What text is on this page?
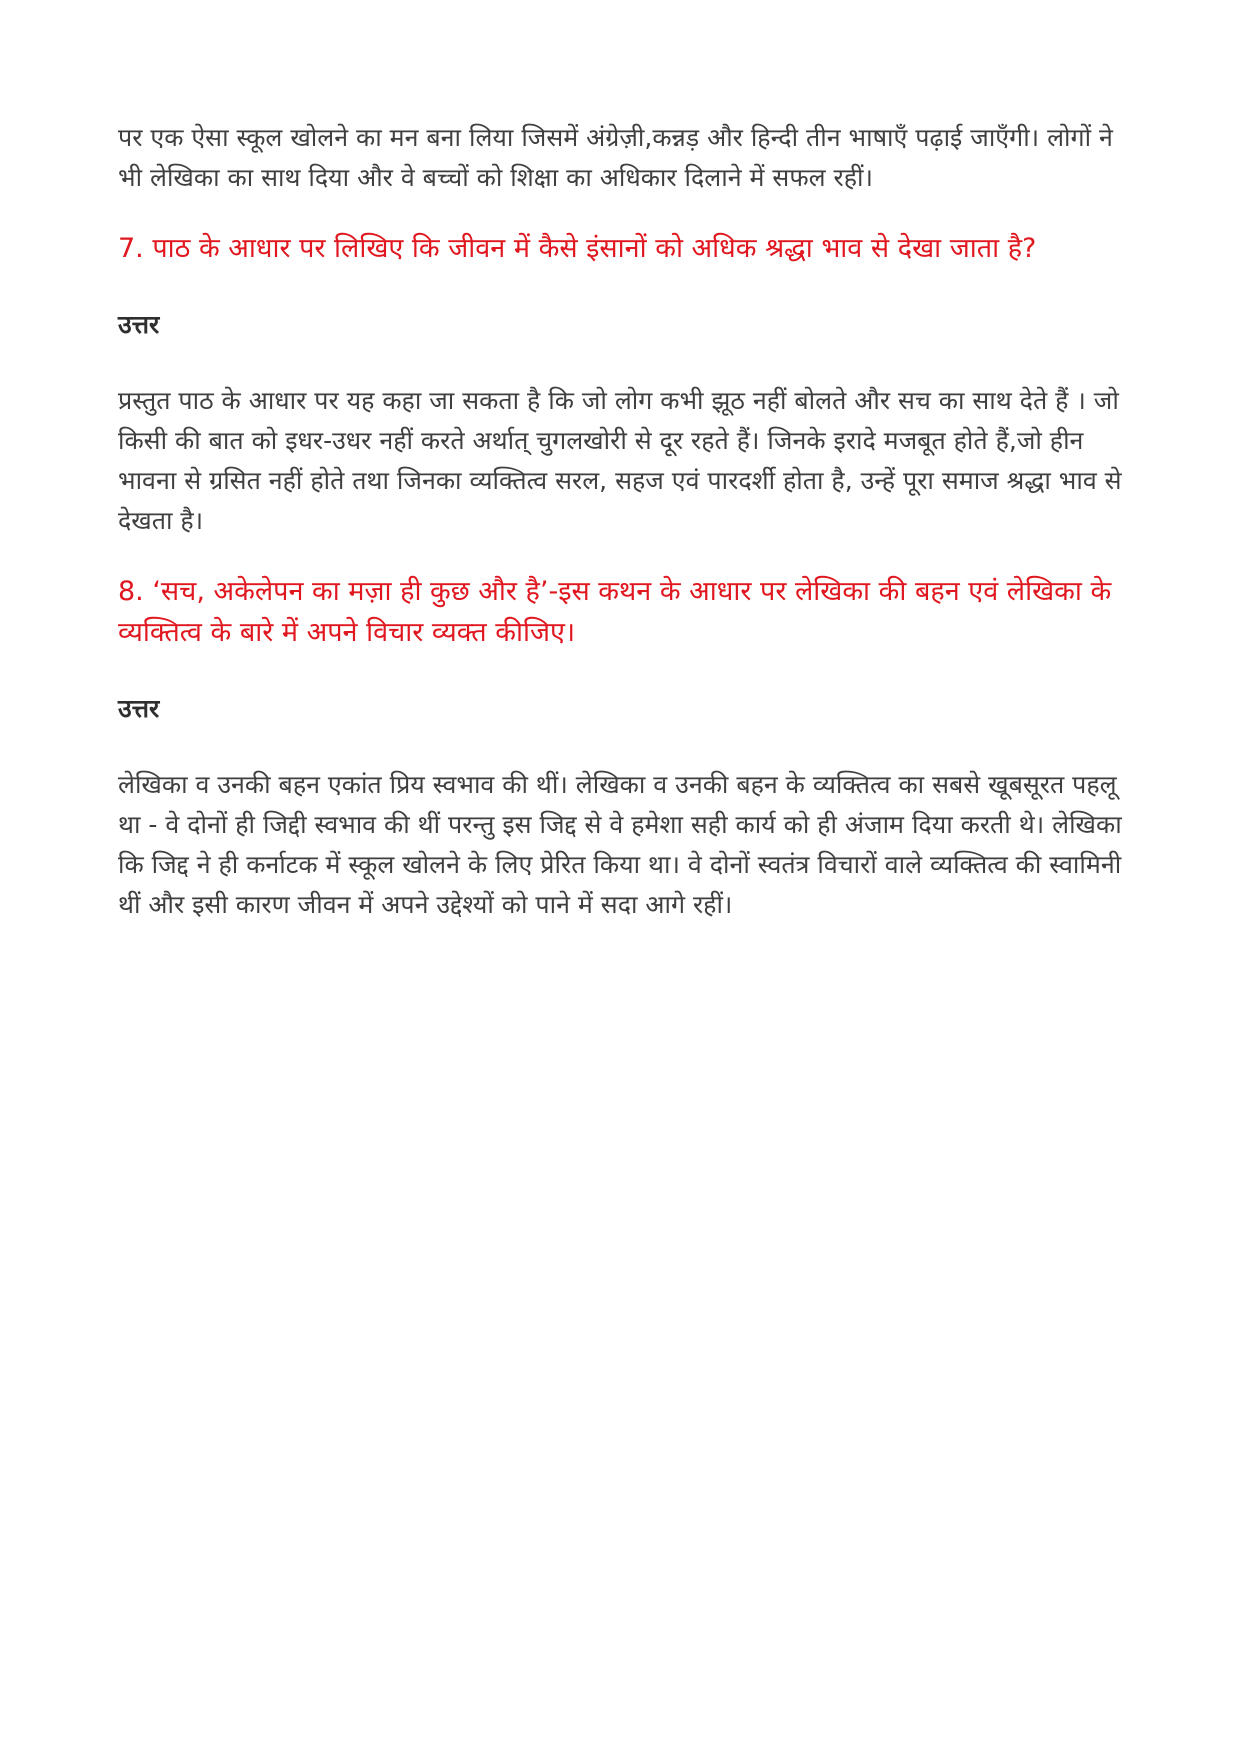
पर एक ऐसा स्कूल खोलने का मन बना लिया जिसमें अंग्रेज़ी,कन्नड़ और हिन्दी तीन भाषाएँ पढ़ाई जाएँगी। लोगों ने भी लेखिका का साथ दिया और वे बच्चों को शिक्षा का अधिकार दिलाने में सफल रहीं।

7. पाठ के आधार पर लिखिए कि जीवन में कैसे इंसानों को अधिक श्रद्धा भाव से देखा जाता है?

उत्तर

प्रस्तुत पाठ के आधार पर यह कहा जा सकता है कि जो लोग कभी झूठ नहीं बोलते और सच का साथ देते हैं । जो किसी की बात को इधर-उधर नहीं करते अर्थात् चुगलखोरी से दूर रहते हैं। जिनके इरादे मजबूत होते हैं,जो हीन भावना से ग्रसित नहीं होते तथा जिनका व्यक्तित्व सरल, सहज एवं पारदर्शी होता है, उन्हें पूरा समाज श्रद्धा भाव से देखता है।

8. ‘सच, अकेलेपन का मज़ा ही कुछ और है’-इस कथन के आधार पर लेखिका की बहन एवं लेखिका के व्यक्तित्व के बारे में अपने विचार व्यक्त कीजिए।

उत्तर

लेखिका व उनकी बहन एकांत प्रिय स्वभाव की थीं। लेखिका व उनकी बहन के व्यक्तित्व का सबसे खूबसूरत पहलू था - वे दोनों ही जिद्दी स्वभाव की थीं परन्तु इस जिद्द से वे हमेशा सही कार्य को ही अंजाम दिया करती थे। लेखिका कि जिद्द ने ही कर्नाटक में स्कूल खोलने के लिए प्रेरित किया था। वे दोनों स्वतंत्र विचारों वाले व्यक्तित्व की स्वामिनी थीं और इसी कारण जीवन में अपने उद्देश्यों को पाने में सदा आगे रहीं।
